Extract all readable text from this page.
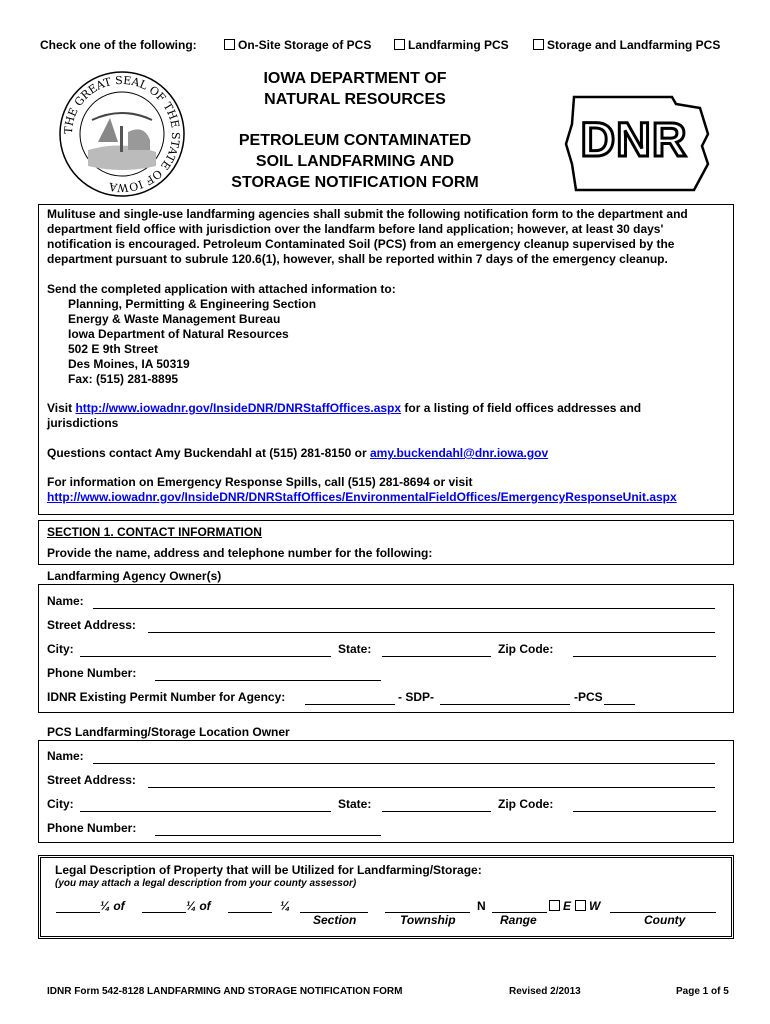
Check one of the following:	On-Site Storage of PCS	Landfarming PCS	Storage and Landfarming PCS
THE GREAT SEAL OF THE STATE OF IOWA
IOWA DEPARTMENT OF
NATURAL RESOURCES
PETROLEUM CONTAMINATED
SOIL LANDFARMING AND
STORAGE NOTIFICATION FORM
DNR
Mulituse and single-use landfarming agencies shall submit the following notification form to the department and department field office with jurisdiction over the landfarm before land application; however, at least 30 days' notification is encouraged. Petroleum Contaminated Soil (PCS) from an emergency cleanup supervised by the department pursuant to subrule 120.6(1), however, shall be reported within 7 days of the emergency cleanup.
Send the completed application with attached information to:
Planning, Permitting & Engineering Section
Energy & Waste Management Bureau
Iowa Department of Natural Resources
502 E 9th Street
Des Moines, IA 50319
Fax: (515) 281-8895
Visit http://www.iowadnr.gov/InsideDNR/DNRStaffOffices.aspx for a listing of field offices addresses and
jurisdictions
Questions contact Amy Buckendahl at (515) 281-8150 or amy.buckendahl@dnr.iowa.gov
For information on Emergency Response Spills, call (515) 281-8694 or visit
http://www.iowadnr.gov/InsideDNR/DNRStaffOffices/EnvironmentalFieldOffices/EmergencyResponseUnit.aspx
SECTION 1. CONTACT INFORMATION
Provide the name, address and telephone number for the following:
Landfarming Agency Owner(s)
Name:
Street Address:
City:	State:	Zip Code:
Phone Number:
IDNR Existing Permit Number for Agency:	- SDP-	-PCS
PCS Landfarming/Storage Location Owner
Name:
Street Address:
City:	State:	Zip Code:
Phone Number:
Legal Description of Property that will be Utilized for Landfarming/Storage:
(you may attach a legal description from your county assessor)
¼ of	¼ of	¼	N	E	W
Section	Township	Range	County
IDNR Form 542-8128 LANDFARMING AND STORAGE NOTIFICATION FORM	Revised 2/2013	Page 1 of 5
